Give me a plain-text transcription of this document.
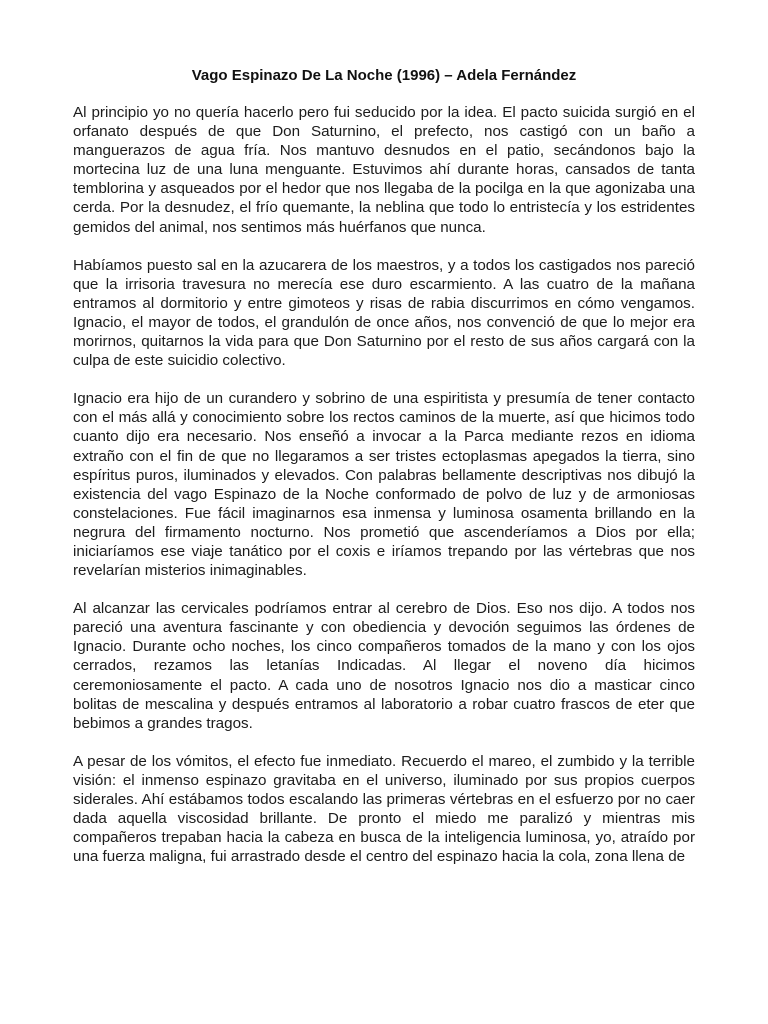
Vago Espinazo De La Noche (1996) – Adela Fernández

Al principio yo no quería hacerlo pero fui seducido por la idea. El pacto suicida surgió en el orfanato después de que Don Saturnino, el prefecto, nos castigó con un baño a manguerazos de agua fría. Nos mantuvo desnudos en el patio, secándonos bajo la mortecina luz de una luna menguante. Estuvimos ahí durante horas, cansados de tanta temblorina y asqueados por el hedor que nos llegaba de la pocilga en la que agonizaba una cerda. Por la desnudez, el frío quemante, la neblina que todo lo entristecía y los estridentes gemidos del animal, nos sentimos más huérfanos que nunca.

Habíamos puesto sal en la azucarera de los maestros, y a todos los castigados nos pareció que la irrisoria travesura no merecía ese duro escarmiento. A las cuatro de la mañana entramos al dormitorio y entre gimoteos y risas de rabia discurrimos en cómo vengamos. Ignacio, el mayor de todos, el grandulón de once años, nos convenció de que lo mejor era morirnos, quitarnos la vida para que Don Saturnino por el resto de sus años cargará con la culpa de este suicidio colectivo.

Ignacio era hijo de un curandero y sobrino de una espiritista y presumía de tener contacto con el más allá y conocimiento sobre los rectos caminos de la muerte, así que hicimos todo cuanto dijo era necesario. Nos enseñó a invocar a la Parca mediante rezos en idioma extraño con el fin de que no llegaramos a ser tristes ectoplasmas apegados la tierra, sino espíritus puros, iluminados y elevados. Con palabras bellamente descriptivas nos dibujó la existencia del vago Espinazo de la Noche conformado de polvo de luz y de armoniosas constelaciones. Fue fácil imaginarnos esa inmensa y luminosa osamenta brillando en la negrura del firmamento nocturno. Nos prometió que ascenderíamos a Dios por ella; iniciaríamos ese viaje tanático por el coxis e iríamos trepando por las vértebras que nos revelarían misterios inimaginables.

Al alcanzar las cervicales podríamos entrar al cerebro de Dios. Eso nos dijo. A todos nos pareció una aventura fascinante y con obediencia y devoción seguimos las órdenes de Ignacio. Durante ocho noches, los cinco compañeros tomados de la mano y con los ojos cerrados, rezamos las letanías Indicadas. Al llegar el noveno día hicimos ceremoniosamente el pacto. A cada uno de nosotros Ignacio nos dio a masticar cinco bolitas de mescalina y después entramos al laboratorio a robar cuatro frascos de eter que bebimos a grandes tragos.

A pesar de los vómitos, el efecto fue inmediato. Recuerdo el mareo, el zumbido y la terrible visión: el inmenso espinazo gravitaba en el universo, iluminado por sus propios cuerpos siderales. Ahí estábamos todos escalando las primeras vértebras en el esfuerzo por no caer dada aquella viscosidad brillante. De pronto el miedo me paralizó y mientras mis compañeros trepaban hacia la cabeza en busca de la inteligencia luminosa, yo, atraído por una fuerza maligna, fui arrastrado desde el centro del espinazo hacia la cola, zona llena de
